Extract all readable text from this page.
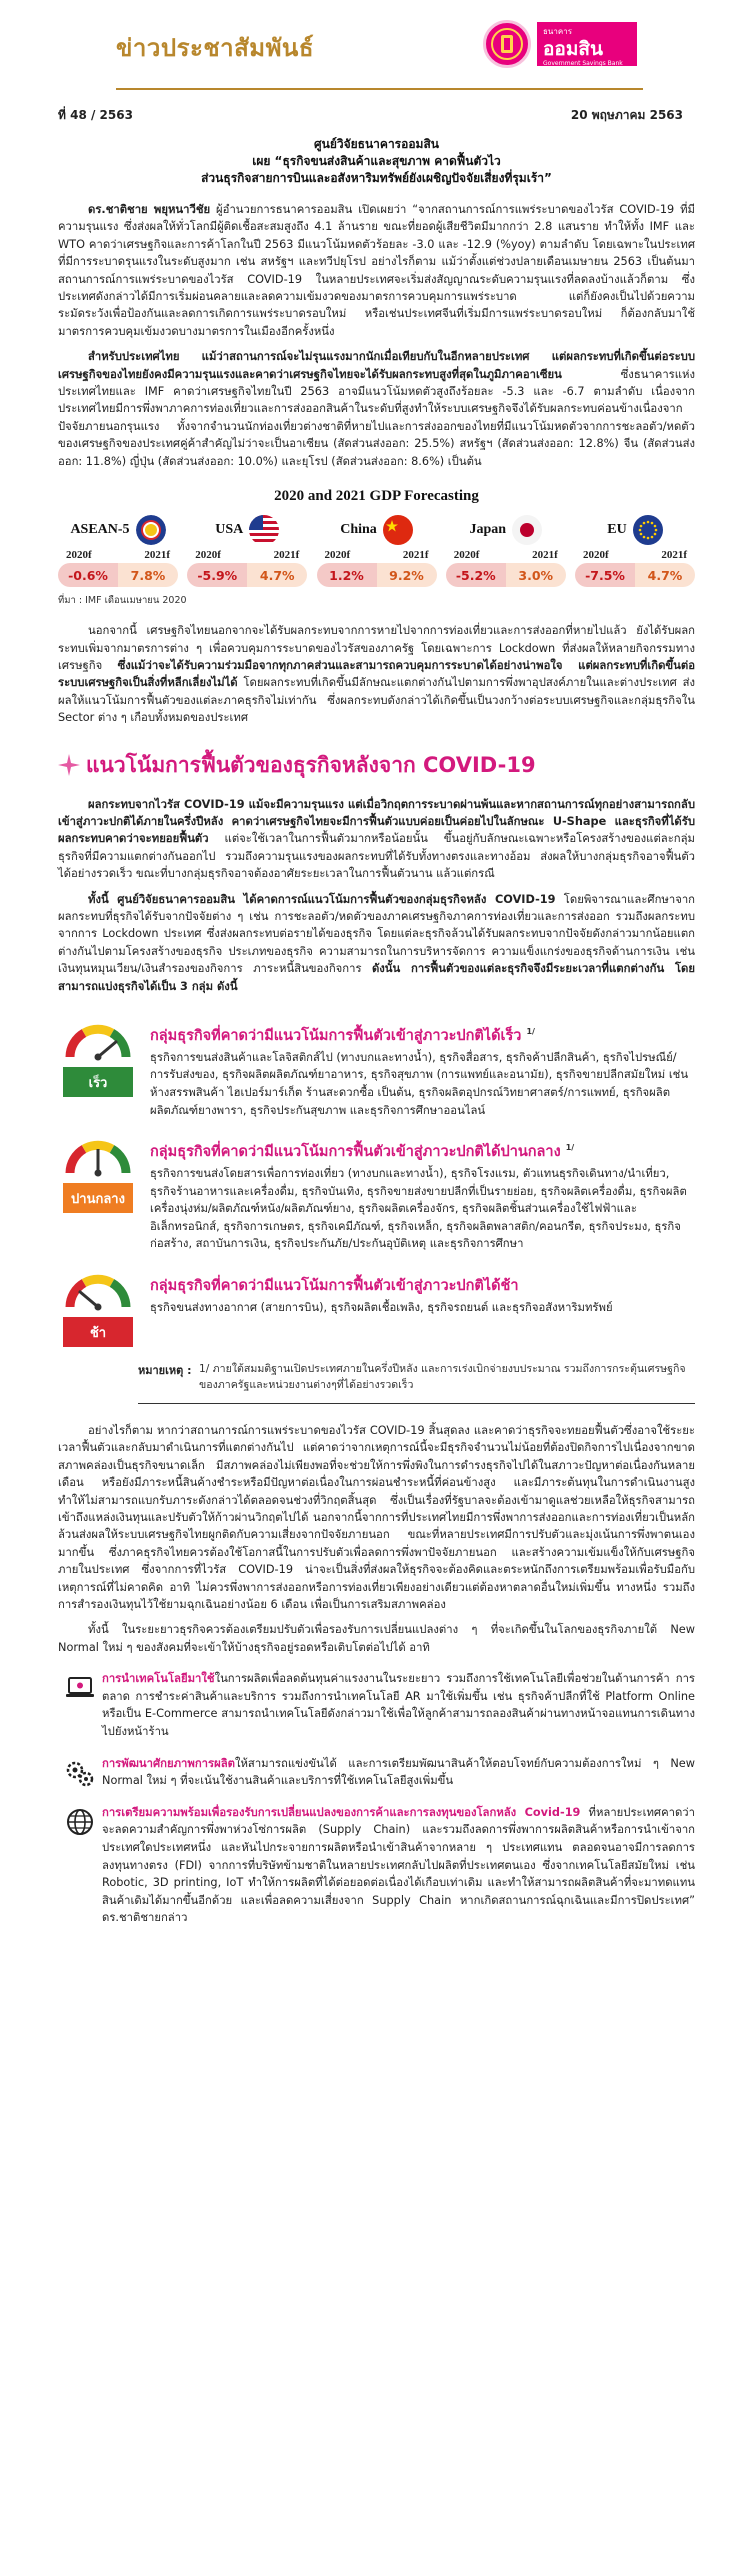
ข่าวประชาสัมพันธ์
ธนาคาร
ออมสิน
Government Savings Bank
ที่ 48 / 2563	20 พฤษภาคม 2563
ศูนย์วิจัยธนาคารออมสิน
เผย “ธุรกิจขนส่งสินค้าและสุขภาพ คาดฟื้นตัวไว
ส่วนธุรกิจสายการบินและอสังหาริมทรัพย์ยังเผชิญปัจจัยเสี่ยงที่รุมเร้า”

ดร.ชาติชาย พยุหนาวีชัย ผู้อำนวยการธนาคารออมสิน เปิดเผยว่า “จากสถานการณ์การแพร่ระบาดของไวรัส COVID-19 ที่มีความรุนแรง ซึ่งส่งผลให้ทั่วโลกมีผู้ติดเชื้อสะสมสูงถึง 4.1 ล้านราย ขณะที่ยอดผู้เสียชีวิตมีมากกว่า 2.8 แสนราย ทำให้ทั้ง IMF และ WTO คาดว่าเศรษฐกิจและการค้าโลกในปี 2563 มีแนวโน้มหดตัวร้อยละ -3.0 และ -12.9 (%yoy) ตามลำดับ โดยเฉพาะในประเทศที่มีการระบาดรุนแรงในระดับสูงมาก เช่น สหรัฐฯ และทวีปยุโรป อย่างไรก็ตาม แม้ว่าตั้งแต่ช่วงปลายเดือนเมษายน 2563 เป็นต้นมา สถานการณ์การแพร่ระบาดของไวรัส COVID-19 ในหลายประเทศจะเริ่มส่งสัญญาณระดับความรุนแรงที่ลดลงบ้างแล้วก็ตาม ซึ่งประเทศดังกล่าวได้มีการเริ่มผ่อนคลายและลดความเข้มงวดของมาตรการควบคุมการแพร่ระบาด แต่ก็ยังคงเป็นไปด้วยความระมัดระวังเพื่อป้องกันและลดการเกิดการแพร่ระบาดรอบใหม่ หรือเช่นประเทศจีนที่เริ่มมีการแพร่ระบาดรอบใหม่ ก็ต้องกลับมาใช้มาตรการควบคุมเข้มงวดบางมาตรการในเมืองอีกครั้งหนึ่ง

สำหรับประเทศไทย แม้ว่าสถานการณ์จะไม่รุนแรงมากนักเมื่อเทียบกับในอีกหลายประเทศ แต่ผลกระทบที่เกิดขึ้นต่อระบบเศรษฐกิจของไทยยังคงมีความรุนแรงและคาดว่าเศรษฐกิจไทยจะได้รับผลกระทบสูงที่สุดในภูมิภาคอาเซียน ซึ่งธนาคารแห่งประเทศไทยและ IMF คาดว่าเศรษฐกิจไทยในปี 2563 อาจมีแนวโน้มหดตัวสูงถึงร้อยละ -5.3 และ -6.7 ตามลำดับ เนื่องจากประเทศไทยมีการพึ่งพาภาคการท่องเที่ยวและการส่งออกสินค้าในระดับที่สูงทำให้ระบบเศรษฐกิจจึงได้รับผลกระทบค่อนข้างเนื่องจากปัจจัยภายนอกรุนแรง ทั้งจากจำนวนนักท่องเที่ยวต่างชาติที่หายไปและการส่งออกของไทยที่มีแนวโน้มหดตัวจากการชะลอตัว/หดตัวของเศรษฐกิจของประเทศคู่ค้าสำคัญไม่ว่าจะเป็นอาเซียน (สัดส่วนส่งออก: 25.5%) สหรัฐฯ (สัดส่วนส่งออก: 12.8%) จีน (สัดส่วนส่งออก: 11.8%) ญี่ปุ่น (สัดส่วนส่งออก: 10.0%) และยุโรป (สัดส่วนส่งออก: 8.6%) เป็นต้น

2020 and 2021 GDP Forecasting
ASEAN-5
2020f	2021f
-0.6%	7.8%
USA
2020f	2021f
-5.9%	4.7%
China
2020f	2021f
1.2%	9.2%
Japan
2020f	2021f
-5.2%	3.0%
EU
2020f	2021f
-7.5%	4.7%
ที่มา : IMF เดือนเมษายน 2020

นอกจากนี้ เศรษฐกิจไทยนอกจากจะได้รับผลกระทบจากการหายไปจากการท่องเที่ยวและการส่งออกที่หายไปแล้ว ยังได้รับผลกระทบเพิ่มจากมาตรการต่าง ๆ เพื่อควบคุมการระบาดของไวรัสของภาครัฐ โดยเฉพาะการ Lockdown ที่ส่งผลให้หลายกิจกรรมทางเศรษฐกิจ ซึ่งแม้ว่าจะได้รับความร่วมมือจากทุกภาคส่วนและสามารถควบคุมการระบาดได้อย่างน่าพอใจ แต่ผลกระทบที่เกิดขึ้นต่อระบบเศรษฐกิจเป็นสิ่งที่หลีกเลี่ยงไม่ได้ โดยผลกระทบที่เกิดขึ้นมีลักษณะแตกต่างกันไปตามการพึ่งพาอุปสงค์ภายในและต่างประเทศ ส่งผลให้แนวโน้มการฟื้นตัวของแต่ละภาคธุรกิจไม่เท่ากัน ซึ่งผลกระทบดังกล่าวได้เกิดขึ้นเป็นวงกว้างต่อระบบเศรษฐกิจและกลุ่มธุรกิจใน Sector ต่าง ๆ เกือบทั้งหมดของประเทศ

แนวโน้มการฟื้นตัวของธุรกิจหลังจาก COVID-19

ผลกระทบจากไวรัส COVID-19 แม้จะมีความรุนแรง แต่เมื่อวิกฤตการระบาดผ่านพ้นและหากสถานการณ์ทุกอย่างสามารถกลับเข้าสู่ภาวะปกติได้ภายในครึ่งปีหลัง คาดว่าเศรษฐกิจไทยจะมีการฟื้นตัวแบบค่อยเป็นค่อยไปในลักษณะ U-Shape และธุรกิจที่ได้รับผลกระทบคาดว่าจะทยอยฟื้นตัว แต่จะใช้เวลาในการฟื้นตัวมากหรือน้อยนั้น ขึ้นอยู่กับลักษณะเฉพาะหรือโครงสร้างของแต่ละกลุ่มธุรกิจที่มีความแตกต่างกันออกไป รวมถึงความรุนแรงของผลกระทบที่ได้รับทั้งทางตรงและทางอ้อม ส่งผลให้บางกลุ่มธุรกิจอาจฟื้นตัวได้อย่างรวดเร็ว ขณะที่บางกลุ่มธุรกิจอาจต้องอาศัยระยะเวลาในการฟื้นตัวนาน แล้วแต่กรณี

ทั้งนี้ ศูนย์วิจัยธนาคารออมสิน ได้คาดการณ์แนวโน้มการฟื้นตัวของกลุ่มธุรกิจหลัง COVID-19 โดยพิจารณาและศึกษาจากผลกระทบที่ธุรกิจได้รับจากปัจจัยต่าง ๆ เช่น การชะลอตัว/หดตัวของภาคเศรษฐกิจภาคการท่องเที่ยวและการส่งออก รวมถึงผลกระทบจากการ Lockdown ประเทศ ซึ่งส่งผลกระทบต่อรายได้ของธุรกิจ โดยแต่ละธุรกิจล้วนได้รับผลกระทบจากปัจจัยดังกล่าวมากน้อยแตกต่างกันไปตามโครงสร้างของธุรกิจ ประเภทของธุรกิจ ความสามารถในการบริหารจัดการ ความแข็งแกร่งของธุรกิจด้านการเงิน เช่น เงินทุนหมุนเวียน/เงินสำรองของกิจการ ภาระหนี้สินของกิจการ ดังนั้น การฟื้นตัวของแต่ละธุรกิจจึงมีระยะเวลาที่แตกต่างกัน โดยสามารถแบ่งธุรกิจได้เป็น 3 กลุ่ม ดังนี้

เร็ว
กลุ่มธุรกิจที่คาดว่ามีแนวโน้มการฟื้นตัวเข้าสู่ภาวะปกติได้เร็ว $^{1/}$
ธุรกิจการขนส่งสินค้าและโลจิสติกส์ไป (ทางบกและทางน้ำ), ธุรกิจสื่อสาร, ธุรกิจค้าปลีกสินค้า, ธุรกิจไปรษณีย์/การรับส่งของ, ธุรกิจผลิตผลิตภัณฑ์ยาอาหาร, ธุรกิจสุขภาพ (การแพทย์และอนามัย), ธุรกิจขายปลีกสมัยใหม่ เช่น ห้างสรรพสินค้า ไฮเปอร์มาร์เก็ต ร้านสะดวกซื้อ เป็นต้น, ธุรกิจผลิตอุปกรณ์วิทยาศาสตร์/การแพทย์, ธุรกิจผลิตผลิตภัณฑ์ยางพารา, ธุรกิจประกันสุขภาพ และธุรกิจการศึกษาออนไลน์
ปานกลาง
กลุ่มธุรกิจที่คาดว่ามีแนวโน้มการฟื้นตัวเข้าสู่ภาวะปกติได้ปานกลาง $^{1/}$
ธุรกิจการขนส่งโดยสารเพื่อการท่องเที่ยว (ทางบกและทางน้ำ), ธุรกิจโรงแรม, ตัวแทนธุรกิจเดินทาง/นำเที่ยว, ธุรกิจร้านอาหารและเครื่องดื่ม, ธุรกิจบันเทิง, ธุรกิจขายส่งขายปลีกที่เป็นรายย่อย, ธุรกิจผลิตเครื่องดื่ม, ธุรกิจผลิตเครื่องนุ่งห่ม/ผลิตภัณฑ์หนัง/ผลิตภัณฑ์ยาง, ธุรกิจผลิตเครื่องจักร, ธุรกิจผลิตชิ้นส่วนเครื่องใช้ไฟฟ้าและอิเล็กทรอนิกส์, ธุรกิจการเกษตร, ธุรกิจเคมีภัณฑ์, ธุรกิจเหล็ก, ธุรกิจผลิตพลาสติก/คอนกรีต, ธุรกิจประมง, ธุรกิจก่อสร้าง, สถาบันการเงิน, ธุรกิจประกันภัย/ประกันอุบัติเหตุ และธุรกิจการศึกษา
ช้า
กลุ่มธุรกิจที่คาดว่ามีแนวโน้มการฟื้นตัวเข้าสู่ภาวะปกติได้ช้า
ธุรกิจขนส่งทางอากาศ (สายการบิน), ธุรกิจผลิตเชื้อเพลิง, ธุรกิจรถยนต์ และธุรกิจอสังหาริมทรัพย์
หมายเหตุ : 1/ ภายใต้สมมติฐานเปิดประเทศภายในครึ่งปีหลัง และการเร่งเบิกจ่ายงบประมาณ รวมถึงการกระตุ้นเศรษฐกิจของภาครัฐและหน่วยงานต่างๆที่ได้อย่างรวดเร็ว

อย่างไรก็ตาม หากว่าสถานการณ์การแพร่ระบาดของไวรัส COVID-19 สิ้นสุดลง และคาดว่าธุรกิจจะทยอยฟื้นตัวซึ่งอาจใช้ระยะเวลาฟื้นตัวและกลับมาดำเนินการที่แตกต่างกันไป แต่คาดว่าจากเหตุการณ์นี้จะมีธุรกิจจำนวนไม่น้อยที่ต้องปิดกิจการไปเนื่องจากขาดสภาพคล่องเป็นธุรกิจขนาดเล็ก มีสภาพคล่องไม่เพียงพอที่จะช่วยให้การพึ่งพิงในการดำรงธุรกิจไปได้ในสภาวะปัญหาต่อเนื่องกันหลายเดือน หรือยังมีภาระหนี้สินค้างชำระหรือมีปัญหาต่อเนื่องในการผ่อนชำระหนี้ที่ค่อนข้างสูง และมีภาระต้นทุนในการดำเนินงานสูง ทำให้ไม่สามารถแบกรับภาระดังกล่าวได้ตลอดจนช่วงที่วิกฤตสิ้นสุด ซึ่งเป็นเรื่องที่รัฐบาลจะต้องเข้ามาดูแลช่วยเหลือให้ธุรกิจสามารถเข้าถึงแหล่งเงินทุนและปรับตัวให้ก้าวผ่านวิกฤตไปได้ นอกจากนี้จากการที่ประเทศไทยมีการพึ่งพาการส่งออกและการท่องเที่ยวเป็นหลัก ล้วนส่งผลให้ระบบเศรษฐกิจไทยผูกติดกับความเสี่ยงจากปัจจัยภายนอก ขณะที่หลายประเทศมีการปรับตัวและมุ่งเน้นการพึ่งพาตนเองมากขึ้น ซึ่งภาคธุรกิจไทยควรต้องใช้โอกาสนี้ในการปรับตัวเพื่อลดการพึ่งพาปัจจัยภายนอก และสร้างความเข้มแข็งให้กับเศรษฐกิจภายในประเทศ ซึ่งจากการที่ไวรัส COVID-19 น่าจะเป็นสิ่งที่ส่งผลให้ธุรกิจจะต้องคิดและตระหนักถึงการเตรียมพร้อมเพื่อรับมือกับเหตุการณ์ที่ไม่คาดคิด อาทิ ไม่ควรพึ่งพาการส่งออกหรือการท่องเที่ยวเพียงอย่างเดียวแต่ต้องหาตลาดอื่นใหม่เพิ่มขึ้น ทางหนึ่ง รวมถึงการสำรองเงินทุนไว้ใช้ยามฉุกเฉินอย่างน้อย 6 เดือน เพื่อเป็นการเสริมสภาพคล่อง

ทั้งนี้ ในระยะยาวธุรกิจควรต้องเตรียมปรับตัวเพื่อรองรับการเปลี่ยนแปลงต่าง ๆ ที่จะเกิดขึ้นในโลกของธุรกิจภายใต้ New Normal ใหม่ ๆ ของสังคมที่จะเข้าให้บ้างธุรกิจอยู่รอดหรือเติบโตต่อไปได้ อาทิ

การนำเทคโนโลยีมาใช้ในการผลิตเพื่อลดต้นทุนค่าแรงงานในระยะยาว รวมถึงการใช้เทคโนโลยีเพื่อช่วยในด้านการค้า การตลาด การชำระค่าสินค้าและบริการ รวมถึงการนำเทคโนโลยี AR มาใช้เพิ่มขึ้น เช่น ธุรกิจค้าปลีกที่ใช้ Platform Online หรือเป็น E-Commerce สามารถนำเทคโนโลยีดังกล่าวมาใช้เพื่อให้ลูกค้าสามารถลองสินค้าผ่านทางหน้าจอแทนการเดินทางไปยังหน้าร้าน
การพัฒนาศักยภาพการผลิตให้สามารถแข่งขันได้ และการเตรียมพัฒนาสินค้าให้ตอบโจทย์กับความต้องการใหม่ ๆ New Normal ใหม่ ๆ ที่จะเน้นใช้งานสินค้าและบริการที่ใช้เทคโนโลยีสูงเพิ่มขึ้น
การเตรียมความพร้อมเพื่อรองรับการเปลี่ยนแปลงของการค้าและการลงทุนของโลกหลัง Covid-19 ที่หลายประเทศคาดว่าจะลดความสำคัญการพึ่งพาห่วงโซ่การผลิต (Supply Chain) และรวมถึงลดการพึ่งพาการผลิตสินค้าหรือการนำเข้าจากประเทศใดประเทศหนึ่ง และหันไปกระจายการผลิตหรือนำเข้าสินค้าจากหลาย ๆ ประเทศแทน ตลอดจนอาจมีการลดการลงทุนทางตรง (FDI) จากการที่บริษัทข้ามชาติในหลายประเทศกลับไปผลิตที่ประเทศตนเอง ซึ่งจากเทคโนโลยีสมัยใหม่ เช่น Robotic, 3D printing, IoT ทำให้การผลิตที่ได้ต่อยอดต่อเนื่องได้เกือบเท่าเดิม และทำให้สามารถผลิตสินค้าที่จะมาทดแทนสินค้าเดิมได้มากขึ้นอีกด้วย และเพื่อลดความเสี่ยงจาก Supply Chain หากเกิดสถานการณ์ฉุกเฉินและมีการปิดประเทศ” ดร.ชาติชายกล่าว
